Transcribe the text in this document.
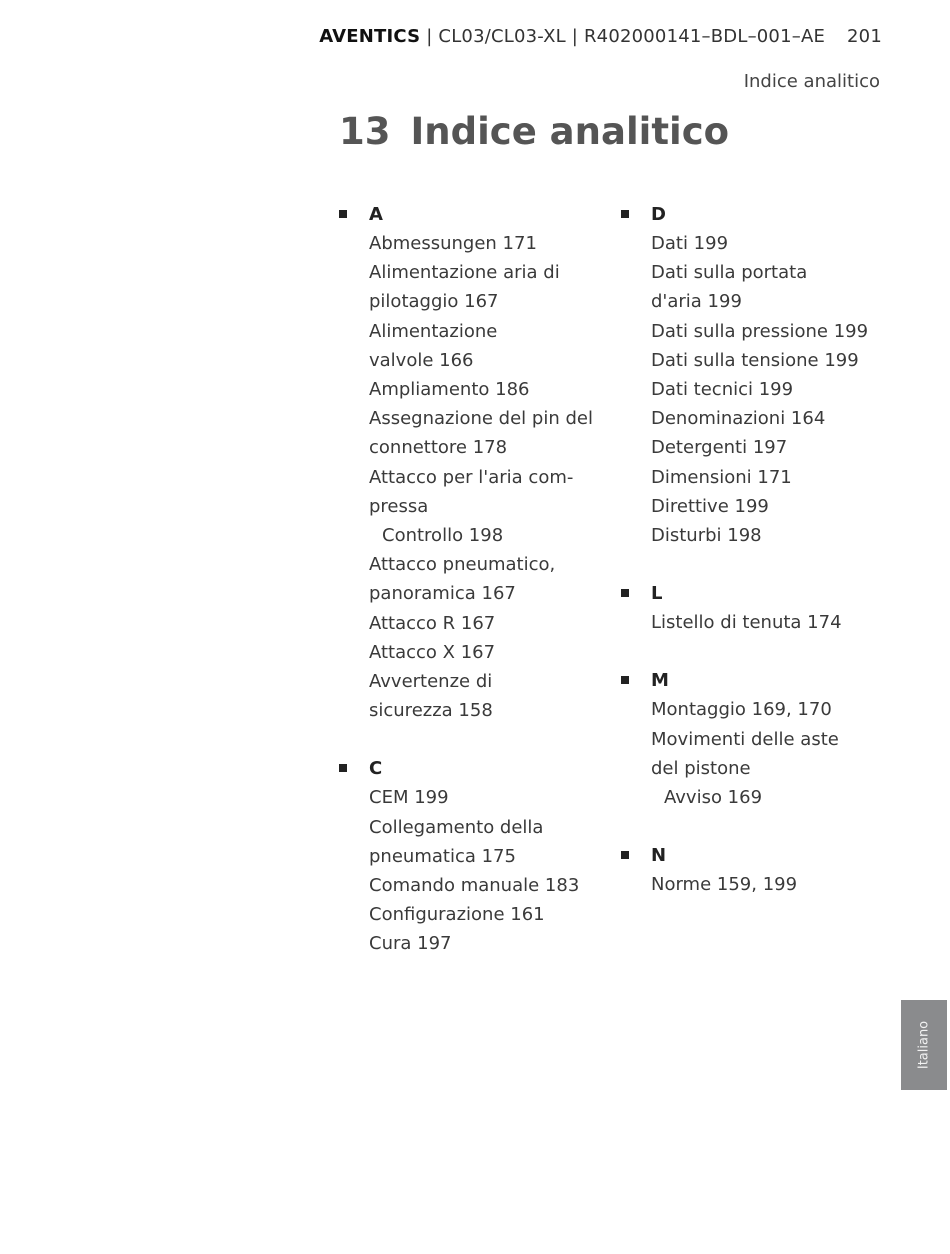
AVENTICS | CL03/CL03-XL | R402000141–BDL–001–AE 201
Indice analitico
13 Indice analitico
A
Abmessungen 171
Alimentazione aria di
pilotaggio 167
Alimentazione
valvole 166
Ampliamento 186
Assegnazione del pin del
connettore 178
Attacco per l'aria com-
pressa
Controllo 198
Attacco pneumatico,
panoramica 167
Attacco R 167
Attacco X 167
Avvertenze di
sicurezza 158
C
CEM 199
Collegamento della
pneumatica 175
Comando manuale 183
Configurazione 161
Cura 197
D
Dati 199
Dati sulla portata
d'aria 199
Dati sulla pressione 199
Dati sulla tensione 199
Dati tecnici 199
Denominazioni 164
Detergenti 197
Dimensioni 171
Direttive 199
Disturbi 198
L
Listello di tenuta 174
M
Montaggio 169, 170
Movimenti delle aste
del pistone
Avviso 169
N
Norme 159, 199
Italiano
